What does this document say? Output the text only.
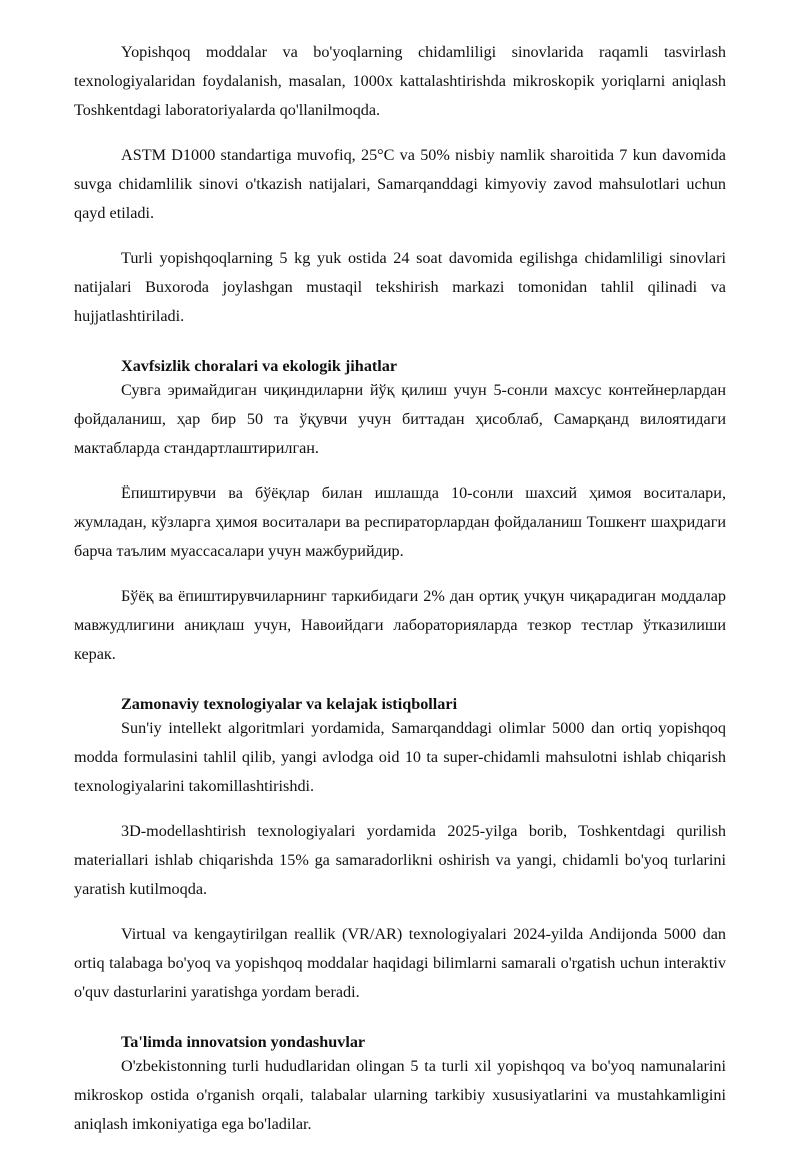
Yopishqoq moddalar va bo'yoqlarning chidamliligi sinovlarida raqamli tasvirlash texnologiyalaridan foydalanish, masalan, 1000x kattalashtirishda mikroskopik yoriqlarni aniqlash Toshkentdagi laboratoriyalarda qo'llanilmoqda.

ASTM D1000 standartiga muvofiq, 25°C va 50% nisbiy namlik sharoitida 7 kun davomida suvga chidamlilik sinovi o'tkazish natijalari, Samarqanddagi kimyoviy zavod mahsulotlari uchun qayd etiladi.

Turli yopishqoqlarning 5 kg yuk ostida 24 soat davomida egilishga chidamliligi sinovlari natijalari Buxoroda joylashgan mustaqil tekshirish markazi tomonidan tahlil qilinadi va hujjatlashtiriladi.

Xavfsizlik choralari va ekologik jihatlar

Сувга эримайдиган чиқиндиларни йўқ қилиш учун 5-сонли махсус контейнерлардан фойдаланиш, ҳар бир 50 та ўқувчи учун биттадан ҳисоблаб, Самарқанд вилоятидаги мактабларда стандартлаштирилган.

Ёпиштирувчи ва бўёқлар билан ишлашда 10-сонли шахсий ҳимоя воситалари, жумладан, кўзларга ҳимоя воситалари ва респираторлардан фойдаланиш Тошкент шаҳридаги барча таълим муассасалари учун мажбурийдир.

Бўёқ ва ёпиштирувчиларнинг таркибидаги 2% дан ортиқ учқун чиқарадиган моддалар мавжудлигини аниқлаш учун, Навоийдаги лабораторияларда тезкор тестлар ўтказилиши керак.

Zamonaviy texnologiyalar va kelajak istiqbollari

Sun'iy intellekt algoritmlari yordamida, Samarqanddagi olimlar 5000 dan ortiq yopishqoq modda formulasini tahlil qilib, yangi avlodga oid 10 ta super-chidamli mahsulotni ishlab chiqarish texnologiyalarini takomillashtirishdi.

3D-modellashtirish texnologiyalari yordamida 2025-yilga borib, Toshkentdagi qurilish materiallari ishlab chiqarishda 15% ga samaradorlikni oshirish va yangi, chidamli bo'yoq turlarini yaratish kutilmoqda.

Virtual va kengaytirilgan reallik (VR/AR) texnologiyalari 2024-yilda Andijonda 5000 dan ortiq talabaga bo'yoq va yopishqoq moddalar haqidagi bilimlarni samarali o'rgatish uchun interaktiv o'quv dasturlarini yaratishga yordam beradi.

Ta'limda innovatsion yondashuvlar

O'zbekistonning turli hududlaridan olingan 5 ta turli xil yopishqoq va bo'yoq namunalarini mikroskop ostida o'rganish orqali, talabalar ularning tarkibiy xususiyatlarini va mustahkamligini aniqlash imkoniyatiga ega bo'ladilar.
